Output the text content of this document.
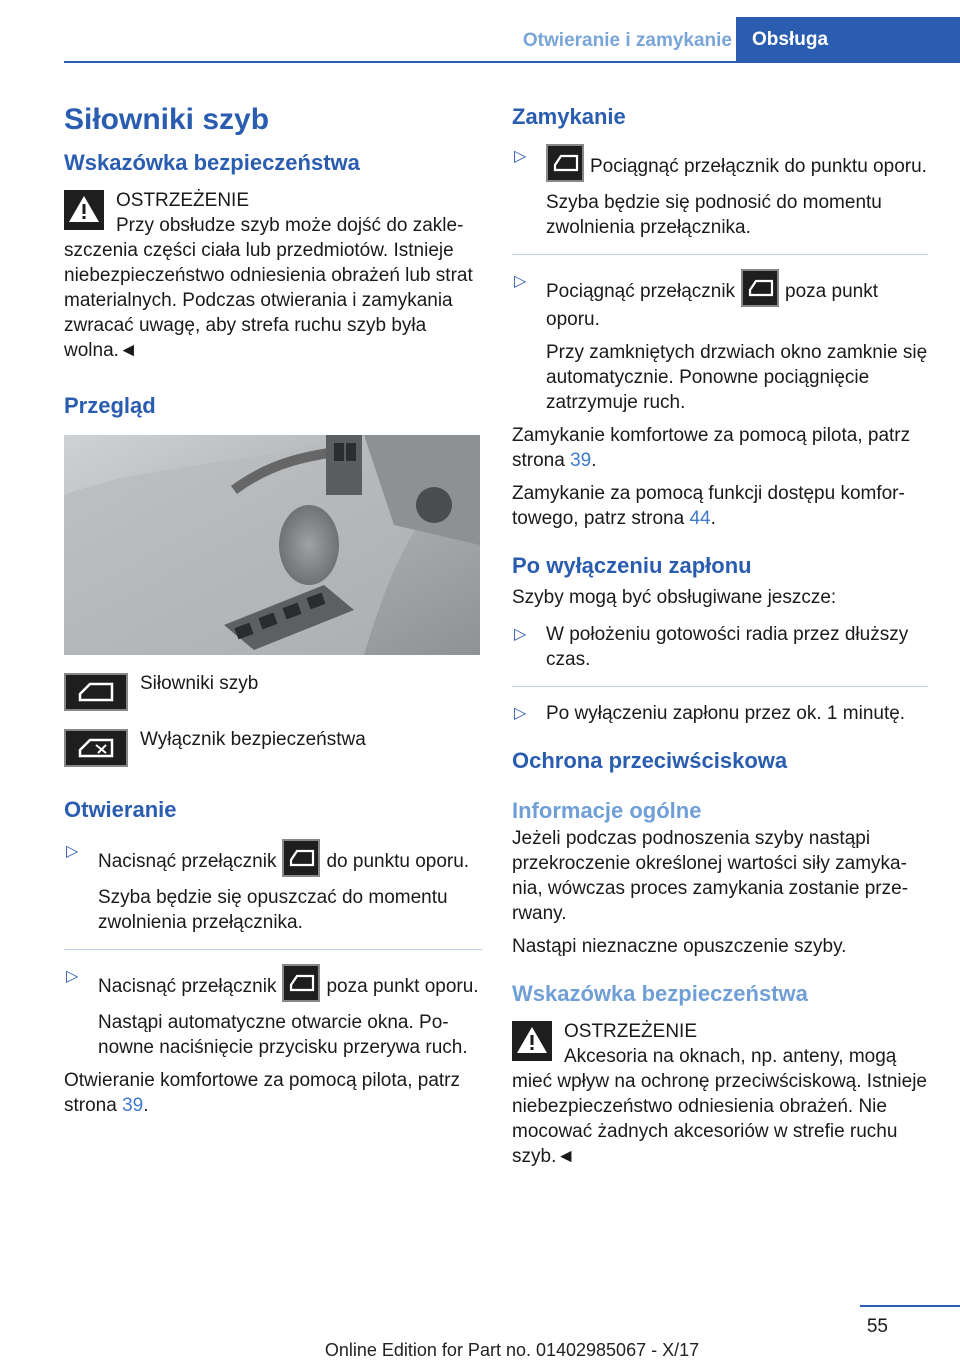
Otwieranie i zamykanie	Obsługa
Siłowniki szyb
Wskazówka bezpieczeństwa

OSTRZEŻENIE

Przy obsłudze szyb może dojść do zakleszczenia części ciała lub przedmiotów. Istnieje niebezpieczeństwo odniesienia obrażeń lub strat materialnych. Podczas otwierania i zamykania zwracać uwagę, aby strefa ruchu szyb była wolna.◄

Przegląd
Siłowniki szyb
Wyłącznik bezpieczeństwa
Otwieranie
▷ Nacisnąć przełącznik	do punktu oporu.

Szyba będzie się opuszczać do momentu zwolnienia przełącznika.

▷ Nacisnąć przełącznik	poza punkt oporu.

Nastąpi automatyczne otwarcie okna. Ponowne naciśnięcie przycisku przerywa ruch.

Otwieranie komfortowe za pomocą pilota, patrz strona 39.

Zamykanie
▷	Pociągnąć przełącznik do punktu oporu.

Szyba będzie się podnosić do momentu zwolnienia przełącznika.

▷ Pociągnąć przełącznik	poza punkt oporu.

Przy zamkniętych drzwiach okno zamknie się automatycznie. Ponowne pociągnięcie zatrzymuje ruch.

Zamykanie komfortowe za pomocą pilota, patrz strona 39.

Zamykanie za pomocą funkcji dostępu komfortowego, patrz strona 44.

Po wyłączeniu zapłonu

Szyby mogą być obsługiwane jeszcze:

▷ W położeniu gotowości radia przez dłuższy czas.

▷ Po wyłączeniu zapłonu przez ok. 1 minutę.

Ochrona przeciwściskowa
Informacje ogólne

Jeżeli podczas podnoszenia szyby nastąpi przekroczenie określonej wartości siły zamykania, wówczas proces zamykania zostanie przerwany.

Nastąpi nieznaczne opuszczenie szyby.

Wskazówka bezpieczeństwa

OSTRZEŻENIE

Akcesoria na oknach, np. anteny, mogą mieć wpływ na ochronę przeciwściskową. Istnieje niebezpieczeństwo odniesienia obrażeń. Nie mocować żadnych akcesoriów w strefie ruchu szyb.◄

55
Online Edition for Part no. 01402985067 - X/17
